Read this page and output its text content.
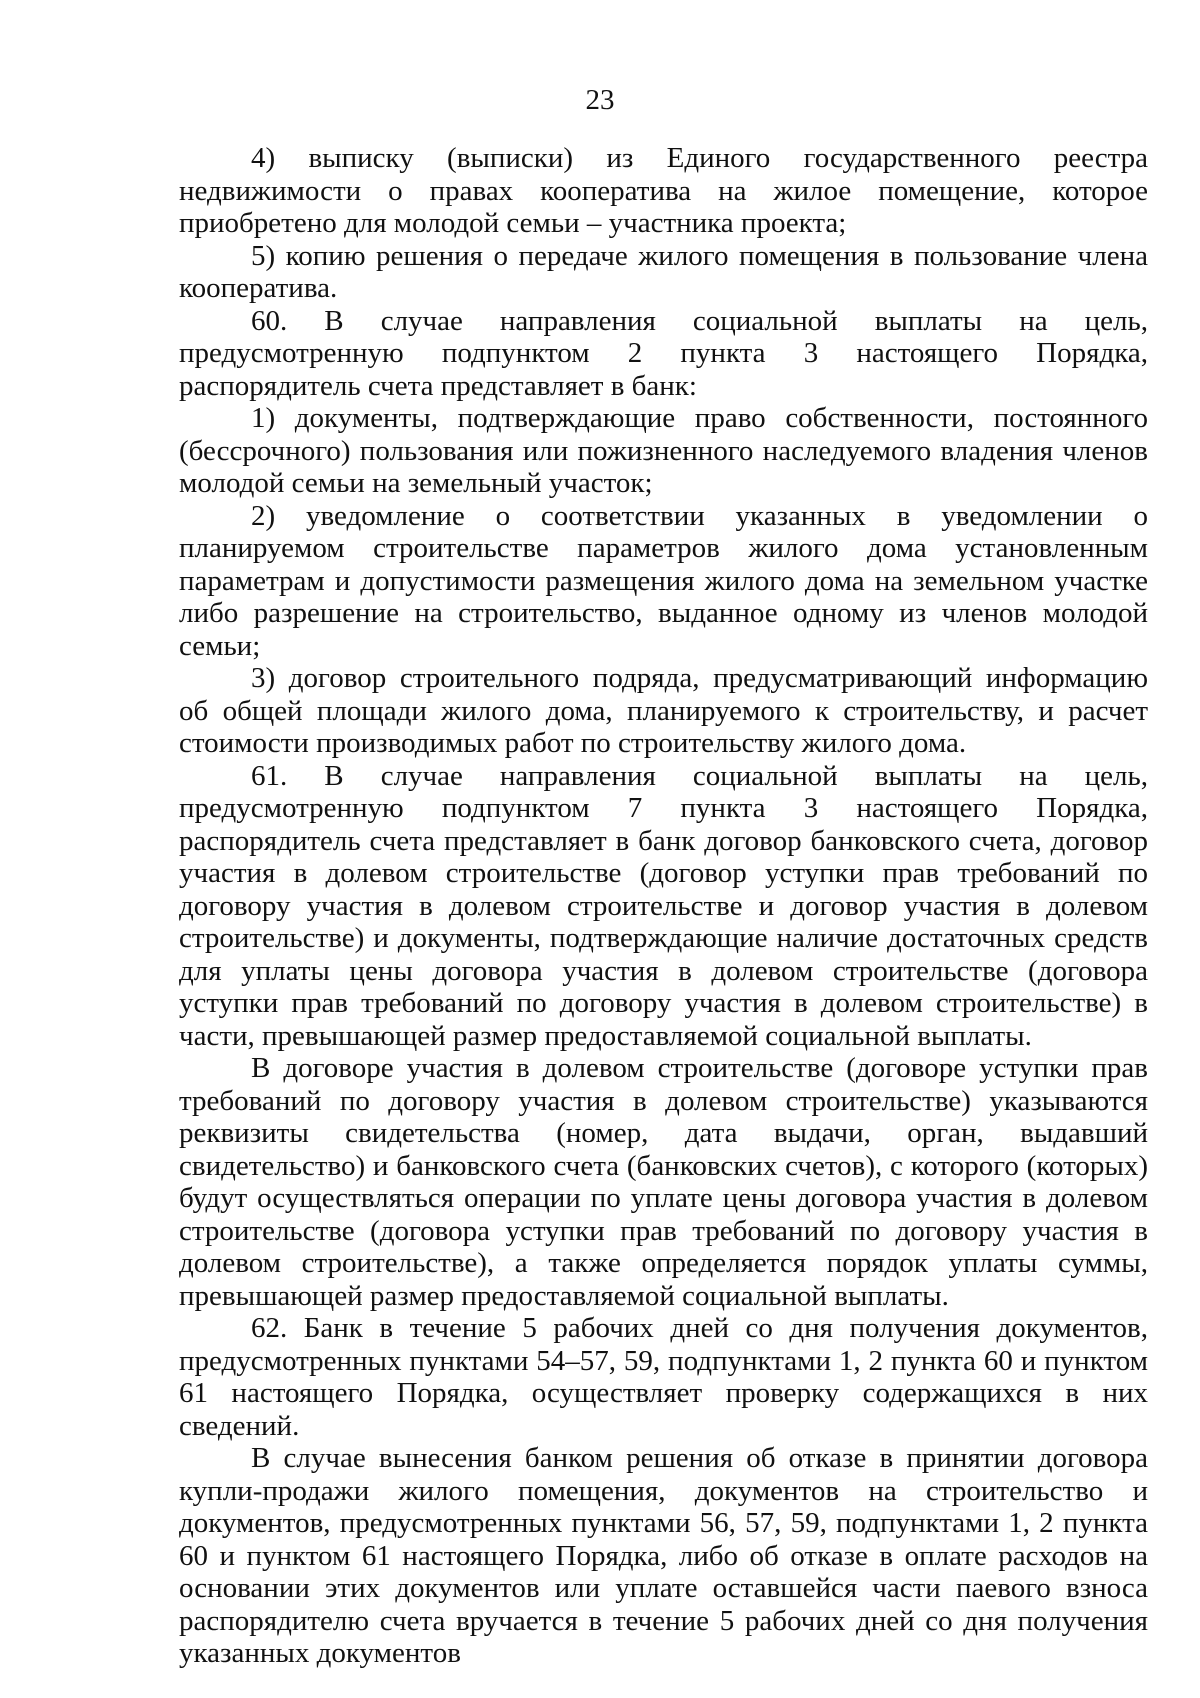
23

4) выписку (выписки) из Единого государственного реестра недвижимости о правах кооператива на жилое помещение, которое приобретено для молодой семьи – участника проекта;

5) копию решения о передаче жилого помещения в пользование члена кооператива.

60. В случае направления социальной выплаты на цель, предусмотренную подпунктом 2 пункта 3 настоящего Порядка, распорядитель счета представляет в банк:

1) документы, подтверждающие право собственности, постоянного (бессрочного) пользования или пожизненного наследуемого владения членов молодой семьи на земельный участок;

2) уведомление о соответствии указанных в уведомлении о планируемом строительстве параметров жилого дома установленным параметрам и допустимости размещения жилого дома на земельном участке либо разрешение на строительство, выданное одному из членов молодой семьи;

3) договор строительного подряда, предусматривающий информацию об общей площади жилого дома, планируемого к строительству, и расчет стоимости производимых работ по строительству жилого дома.

61. В случае направления социальной выплаты на цель, предусмотренную подпунктом 7 пункта 3 настоящего Порядка, распорядитель счета представляет в банк договор банковского счета, договор участия в долевом строительстве (договор уступки прав требований по договору участия в долевом строительстве и договор участия в долевом строительстве) и документы, подтверждающие наличие достаточных средств для уплаты цены договора участия в долевом строительстве (договора уступки прав требований по договору участия в долевом строительстве) в части, превышающей размер предоставляемой социальной выплаты.

В договоре участия в долевом строительстве (договоре уступки прав требований по договору участия в долевом строительстве) указываются реквизиты свидетельства (номер, дата выдачи, орган, выдавший свидетельство) и банковского счета (банковских счетов), с которого (которых) будут осуществляться операции по уплате цены договора участия в долевом строительстве (договора уступки прав требований по договору участия в долевом строительстве), а также определяется порядок уплаты суммы, превышающей размер предоставляемой социальной выплаты.

62. Банк в течение 5 рабочих дней со дня получения документов, предусмотренных пунктами 54–57, 59, подпунктами 1, 2 пункта 60 и пунктом 61 настоящего Порядка, осуществляет проверку содержащихся в них сведений.

В случае вынесения банком решения об отказе в принятии договора купли-продажи жилого помещения, документов на строительство и документов, предусмотренных пунктами 56, 57, 59, подпунктами 1, 2 пункта 60 и пунктом 61 настоящего Порядка, либо об отказе в оплате расходов на основании этих документов или уплате оставшейся части паевого взноса распорядителю счета вручается в течение 5 рабочих дней со дня получения указанных документов
